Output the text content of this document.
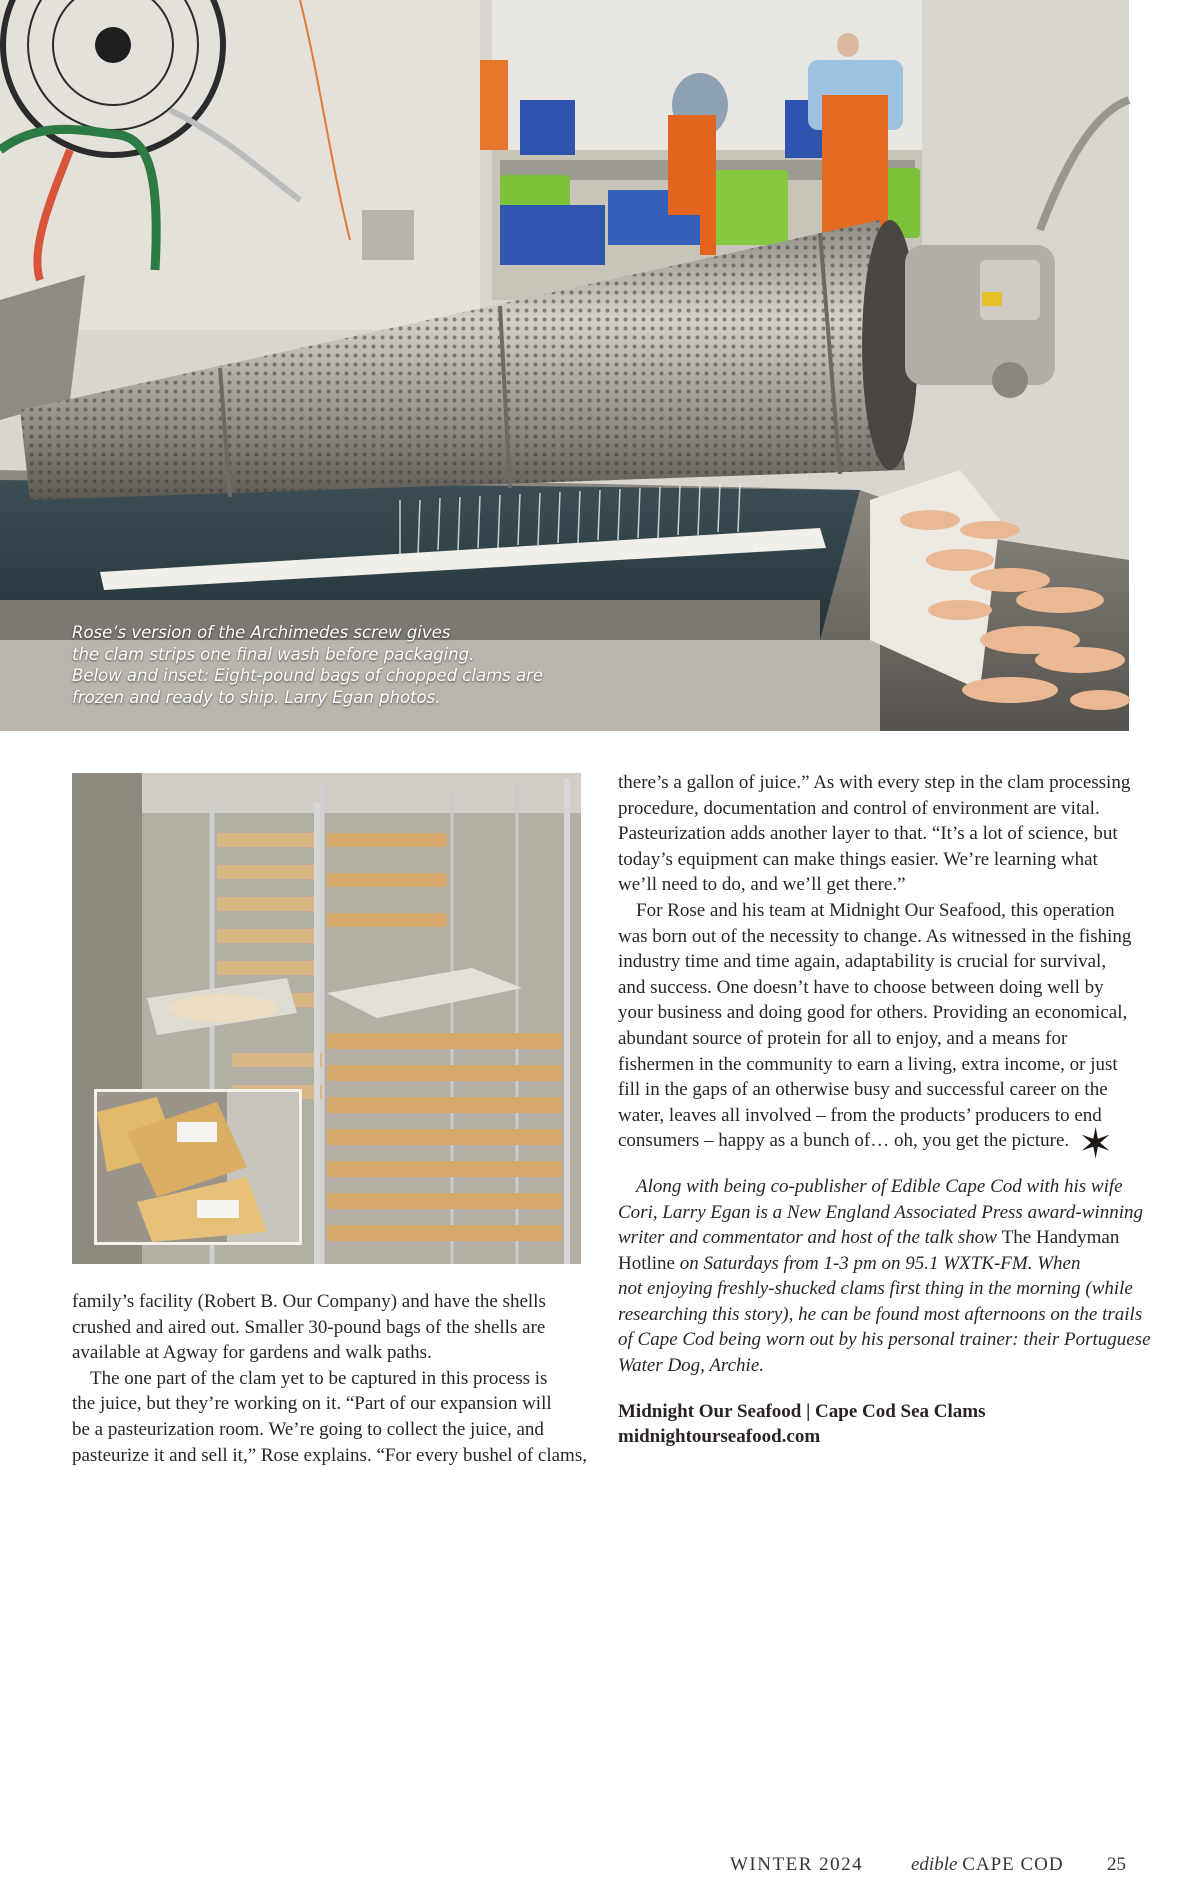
Rose’s version of the Archimedes screw gives
the clam strips one final wash before packaging.
Below and inset: Eight-pound bags of chopped clams are
frozen and ready to ship. Larry Egan photos.
family’s facility (Robert B. Our Company) and have the shells
crushed and aired out. Smaller 30-pound bags of the shells are
available at Agway for gardens and walk paths.
The one part of the clam yet to be captured in this process is
the juice, but they’re working on it. “Part of our expansion will
be a pasteurization room. We’re going to collect the juice, and
pasteurize it and sell it,” Rose explains. “For every bushel of clams,
there’s a gallon of juice.” As with every step in the clam processing
procedure, documentation and control of environment are vital.
Pasteurization adds another layer to that. “It’s a lot of science, but
today’s equipment can make things easier. We’re learning what
we’ll need to do, and we’ll get there.”
For Rose and his team at Midnight Our Seafood, this operation
was born out of the necessity to change. As witnessed in the fishing
industry time and time again, adaptability is crucial for survival,
and success. One doesn’t have to choose between doing well by
your business and doing good for others. Providing an economical,
abundant source of protein for all to enjoy, and a means for
fishermen in the community to earn a living, extra income, or just
fill in the gaps of an otherwise busy and successful career on the
water, leaves all involved – from the products’ producers to end
consumers – happy as a bunch of… oh, you get the picture. ✶
Along with being co-publisher of Edible Cape Cod with his wife
Cori, Larry Egan is a New England Associated Press award-winning
writer and commentator and host of the talk show The Handyman
Hotline on Saturdays from 1-3 pm on 95.1 WXTK-FM. When
not enjoying freshly-shucked clams first thing in the morning (while
researching this story), he can be found most afternoons on the trails
of Cape Cod being worn out by his personal trainer: their Portuguese
Water Dog, Archie.
Midnight Our Seafood | Cape Cod Sea Clams
midnightourseafood.com
WINTER 2024	edible CAPE COD 25
